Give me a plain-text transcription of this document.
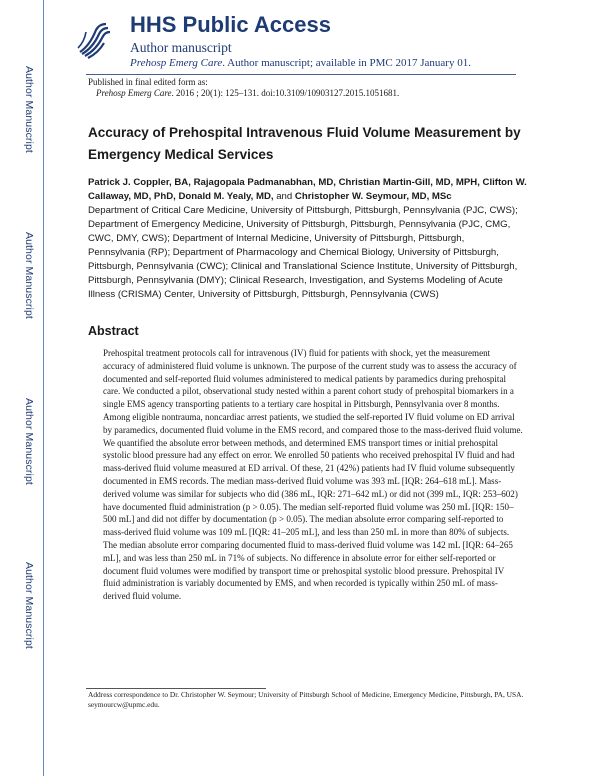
Author Manuscript
Author Manuscript
Author Manuscript
Author Manuscript
HHS Public Access
Author manuscript
Prehosp Emerg Care. Author manuscript; available in PMC 2017 January 01.
Published in final edited form as:
Prehosp Emerg Care. 2016 ; 20(1): 125–131. doi:10.3109/10903127.2015.1051681.
Accuracy of Prehospital Intravenous Fluid Volume Measurement by Emergency Medical Services
Patrick J. Coppler, BA, Rajagopala Padmanabhan, MD, Christian Martin-Gill, MD, MPH, Clifton W. Callaway, MD, PhD, Donald M. Yealy, MD, and Christopher W. Seymour, MD, MSc
Department of Critical Care Medicine, University of Pittsburgh, Pittsburgh, Pennsylvania (PJC, CWS); Department of Emergency Medicine, University of Pittsburgh, Pittsburgh, Pennsylvania (PJC, CMG, CWC, DMY, CWS); Department of Internal Medicine, University of Pittsburgh, Pittsburgh, Pennsylvania (RP); Department of Pharmacology and Chemical Biology, University of Pittsburgh, Pittsburgh, Pennsylvania (CWC); Clinical and Translational Science Institute, University of Pittsburgh, Pittsburgh, Pennsylvania (DMY); Clinical Research, Investigation, and Systems Modeling of Acute Illness (CRISMA) Center, University of Pittsburgh, Pittsburgh, Pennsylvania (CWS)
Abstract
Prehospital treatment protocols call for intravenous (IV) fluid for patients with shock, yet the measurement accuracy of administered fluid volume is unknown. The purpose of the current study was to assess the accuracy of documented and self-reported fluid volumes administered to medical patients by paramedics during prehospital care. We conducted a pilot, observational study nested within a parent cohort study of prehospital biomarkers in a single EMS agency transporting patients to a tertiary care hospital in Pittsburgh, Pennsylvania over 8 months. Among eligible nontrauma, noncardiac arrest patients, we studied the self-reported IV fluid volume on ED arrival by paramedics, documented fluid volume in the EMS record, and compared those to the mass-derived fluid volume. We quantified the absolute error between methods, and determined EMS transport times or initial prehospital systolic blood pressure had any effect on error. We enrolled 50 patients who received prehospital IV fluid and had mass-derived fluid volume measured at ED arrival. Of these, 21 (42%) patients had IV fluid volume subsequently documented in EMS records. The median mass-derived fluid volume was 393 mL [IQR: 264–618 mL]. Mass-derived volume was similar for subjects who did (386 mL, IQR: 271–642 mL) or did not (399 mL, IQR: 253–602) have documented fluid administration (p > 0.05). The median self-reported fluid volume was 250 mL [IQR: 150–500 mL] and did not differ by documentation (p > 0.05). The median absolute error comparing self-reported to mass-derived fluid volume was 109 mL [IQR: 41–205 mL], and less than 250 mL in more than 80% of subjects. The median absolute error comparing documented fluid to mass-derived fluid volume was 142 mL [IQR: 64–265 mL], and was less than 250 mL in 71% of subjects. No difference in absolute error for either self-reported or document fluid volumes were modified by transport time or prehospital systolic blood pressure. Prehospital IV fluid administration is variably documented by EMS, and when recorded is typically within 250 mL of mass-derived fluid volume.
Address correspondence to Dr. Christopher W. Seymour; University of Pittsburgh School of Medicine, Emergency Medicine, Pittsburgh, PA, USA. seymourcw@upmc.edu.
